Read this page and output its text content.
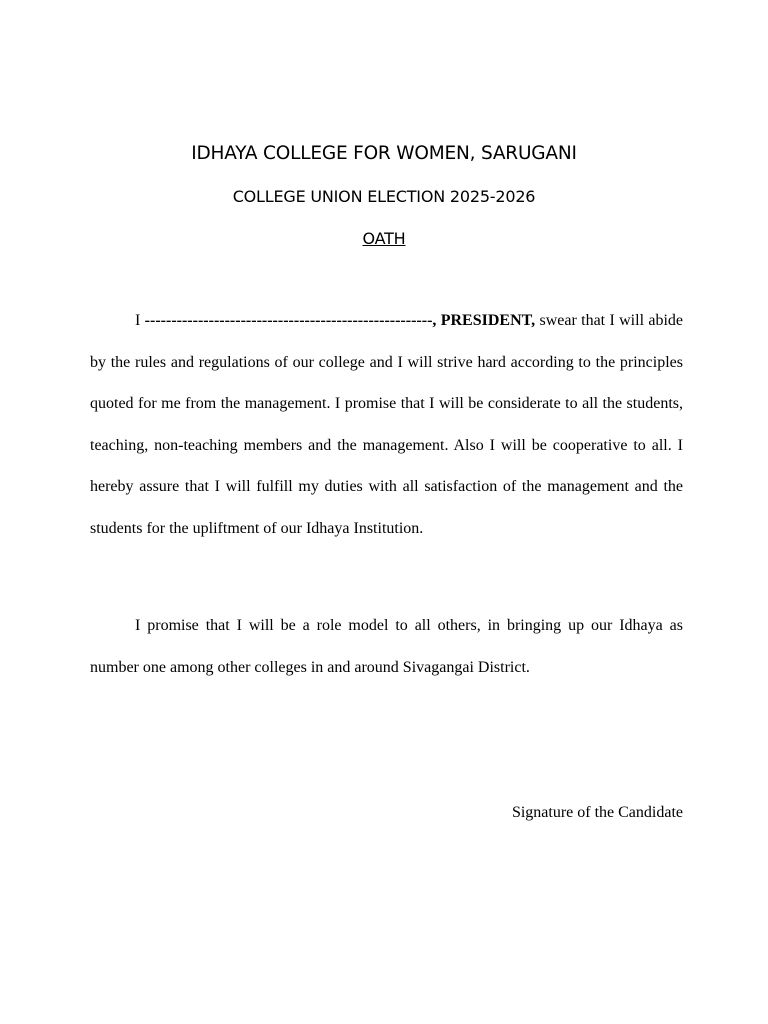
IDHAYA COLLEGE FOR WOMEN, SARUGANI

COLLEGE UNION ELECTION 2025-2026

OATH

I ------------------------------------------------------, PRESIDENT, swear that I will abide by the rules and regulations of our college and I will strive hard according to the principles quoted for me from the management. I promise that I will be considerate to all the students, teaching, non-teaching members and the management. Also I will be cooperative to all. I hereby assure that I will fulfill my duties with all satisfaction of the management and the students for the upliftment of our Idhaya Institution.

I promise that I will be a role model to all others, in bringing up our Idhaya as number one among other colleges in and around Sivagangai District.

Signature of the Candidate
